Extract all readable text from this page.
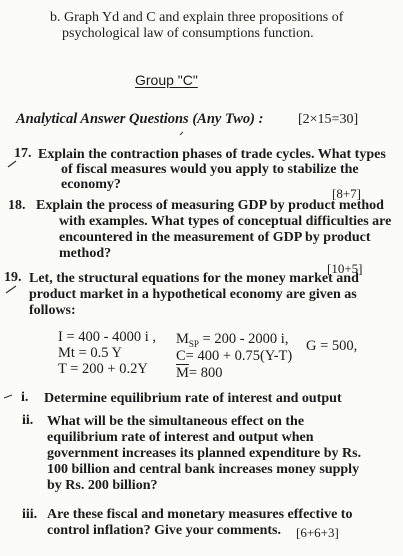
b. Graph Yd and C and explain three propositions of
psychological law of consumptions function.
Group "C"
Analytical Answer Questions (Any Two) : [2×15=30]
17. Explain the contraction phases of trade cycles. What types
of fiscal measures would you apply to stabilize the
economy?
[8+7]
18. Explain the process of measuring GDP by product method
with examples. What types of conceptual difficulties are
encountered in the measurement of GDP by product
method?
[10+5]
19. Let, the structural equations for the money market and
product market in a hypothetical economy are given as
follows:
I = 400 - 4000 i ,
Mt = 0.5 Y
T = 200 + 0.2Y
$M_{SP} = 200 - 2000$ i,
C= 400 + 0.75(Y-T)
$\overline{M}= 800$
G = 500,
i. Determine equilibrium rate of interest and output
ii. What will be the simultaneous effect on the
equilibrium rate of interest and output when
government increases its planned expenditure by Rs.
100 billion and central bank increases money supply
by Rs. 200 billion?
iii. Are these fiscal and monetary measures effective to
control inflation? Give your comments. [6+6+3]
